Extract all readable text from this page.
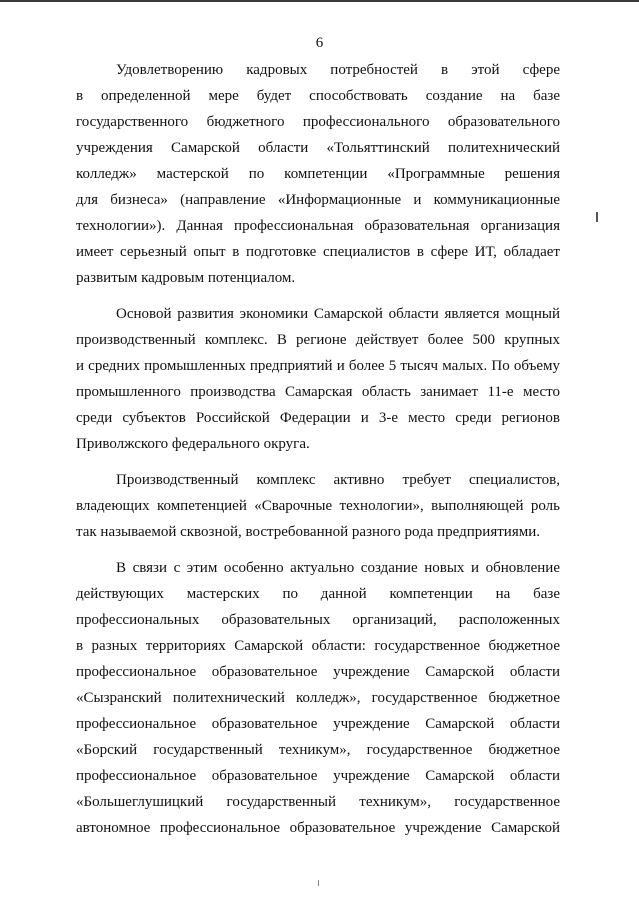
6
Удовлетворению кадровых потребностей в этой сфере
в определенной мере будет способствовать создание на базе
государственного бюджетного профессионального образовательного
учреждения Самарской области «Тольяттинский политехнический
колледж» мастерской по компетенции «Программные решения
для бизнеса» (направление «Информационные и коммуникационные
технологии»). Данная профессиональная образовательная организация
имеет серьезный опыт в подготовке специалистов в сфере ИТ, обладает
развитым кадровым потенциалом.
Основой развития экономики Самарской области является мощный
производственный комплекс. В регионе действует более 500 крупных
и средних промышленных предприятий и более 5 тысяч малых. По объему
промышленного производства Самарская область занимает 11-е место
среди субъектов Российской Федерации и 3-е место среди регионов
Приволжского федерального округа.
Производственный комплекс активно требует специалистов,
владеющих компетенцией «Сварочные технологии», выполняющей роль
так называемой сквозной, востребованной разного рода предприятиями.
В связи с этим особенно актуально создание новых и обновление
действующих мастерских по данной компетенции на базе
профессиональных образовательных организаций, расположенных
в разных территориях Самарской области: государственное бюджетное
профессиональное образовательное учреждение Самарской области
«Сызранский политехнический колледж», государственное бюджетное
профессиональное образовательное учреждение Самарской области
«Борский государственный техникум», государственное бюджетное
профессиональное образовательное учреждение Самарской области
«Большеглушицкий государственный техникум», государственное
автономное профессиональное образовательное учреждение Самарской
